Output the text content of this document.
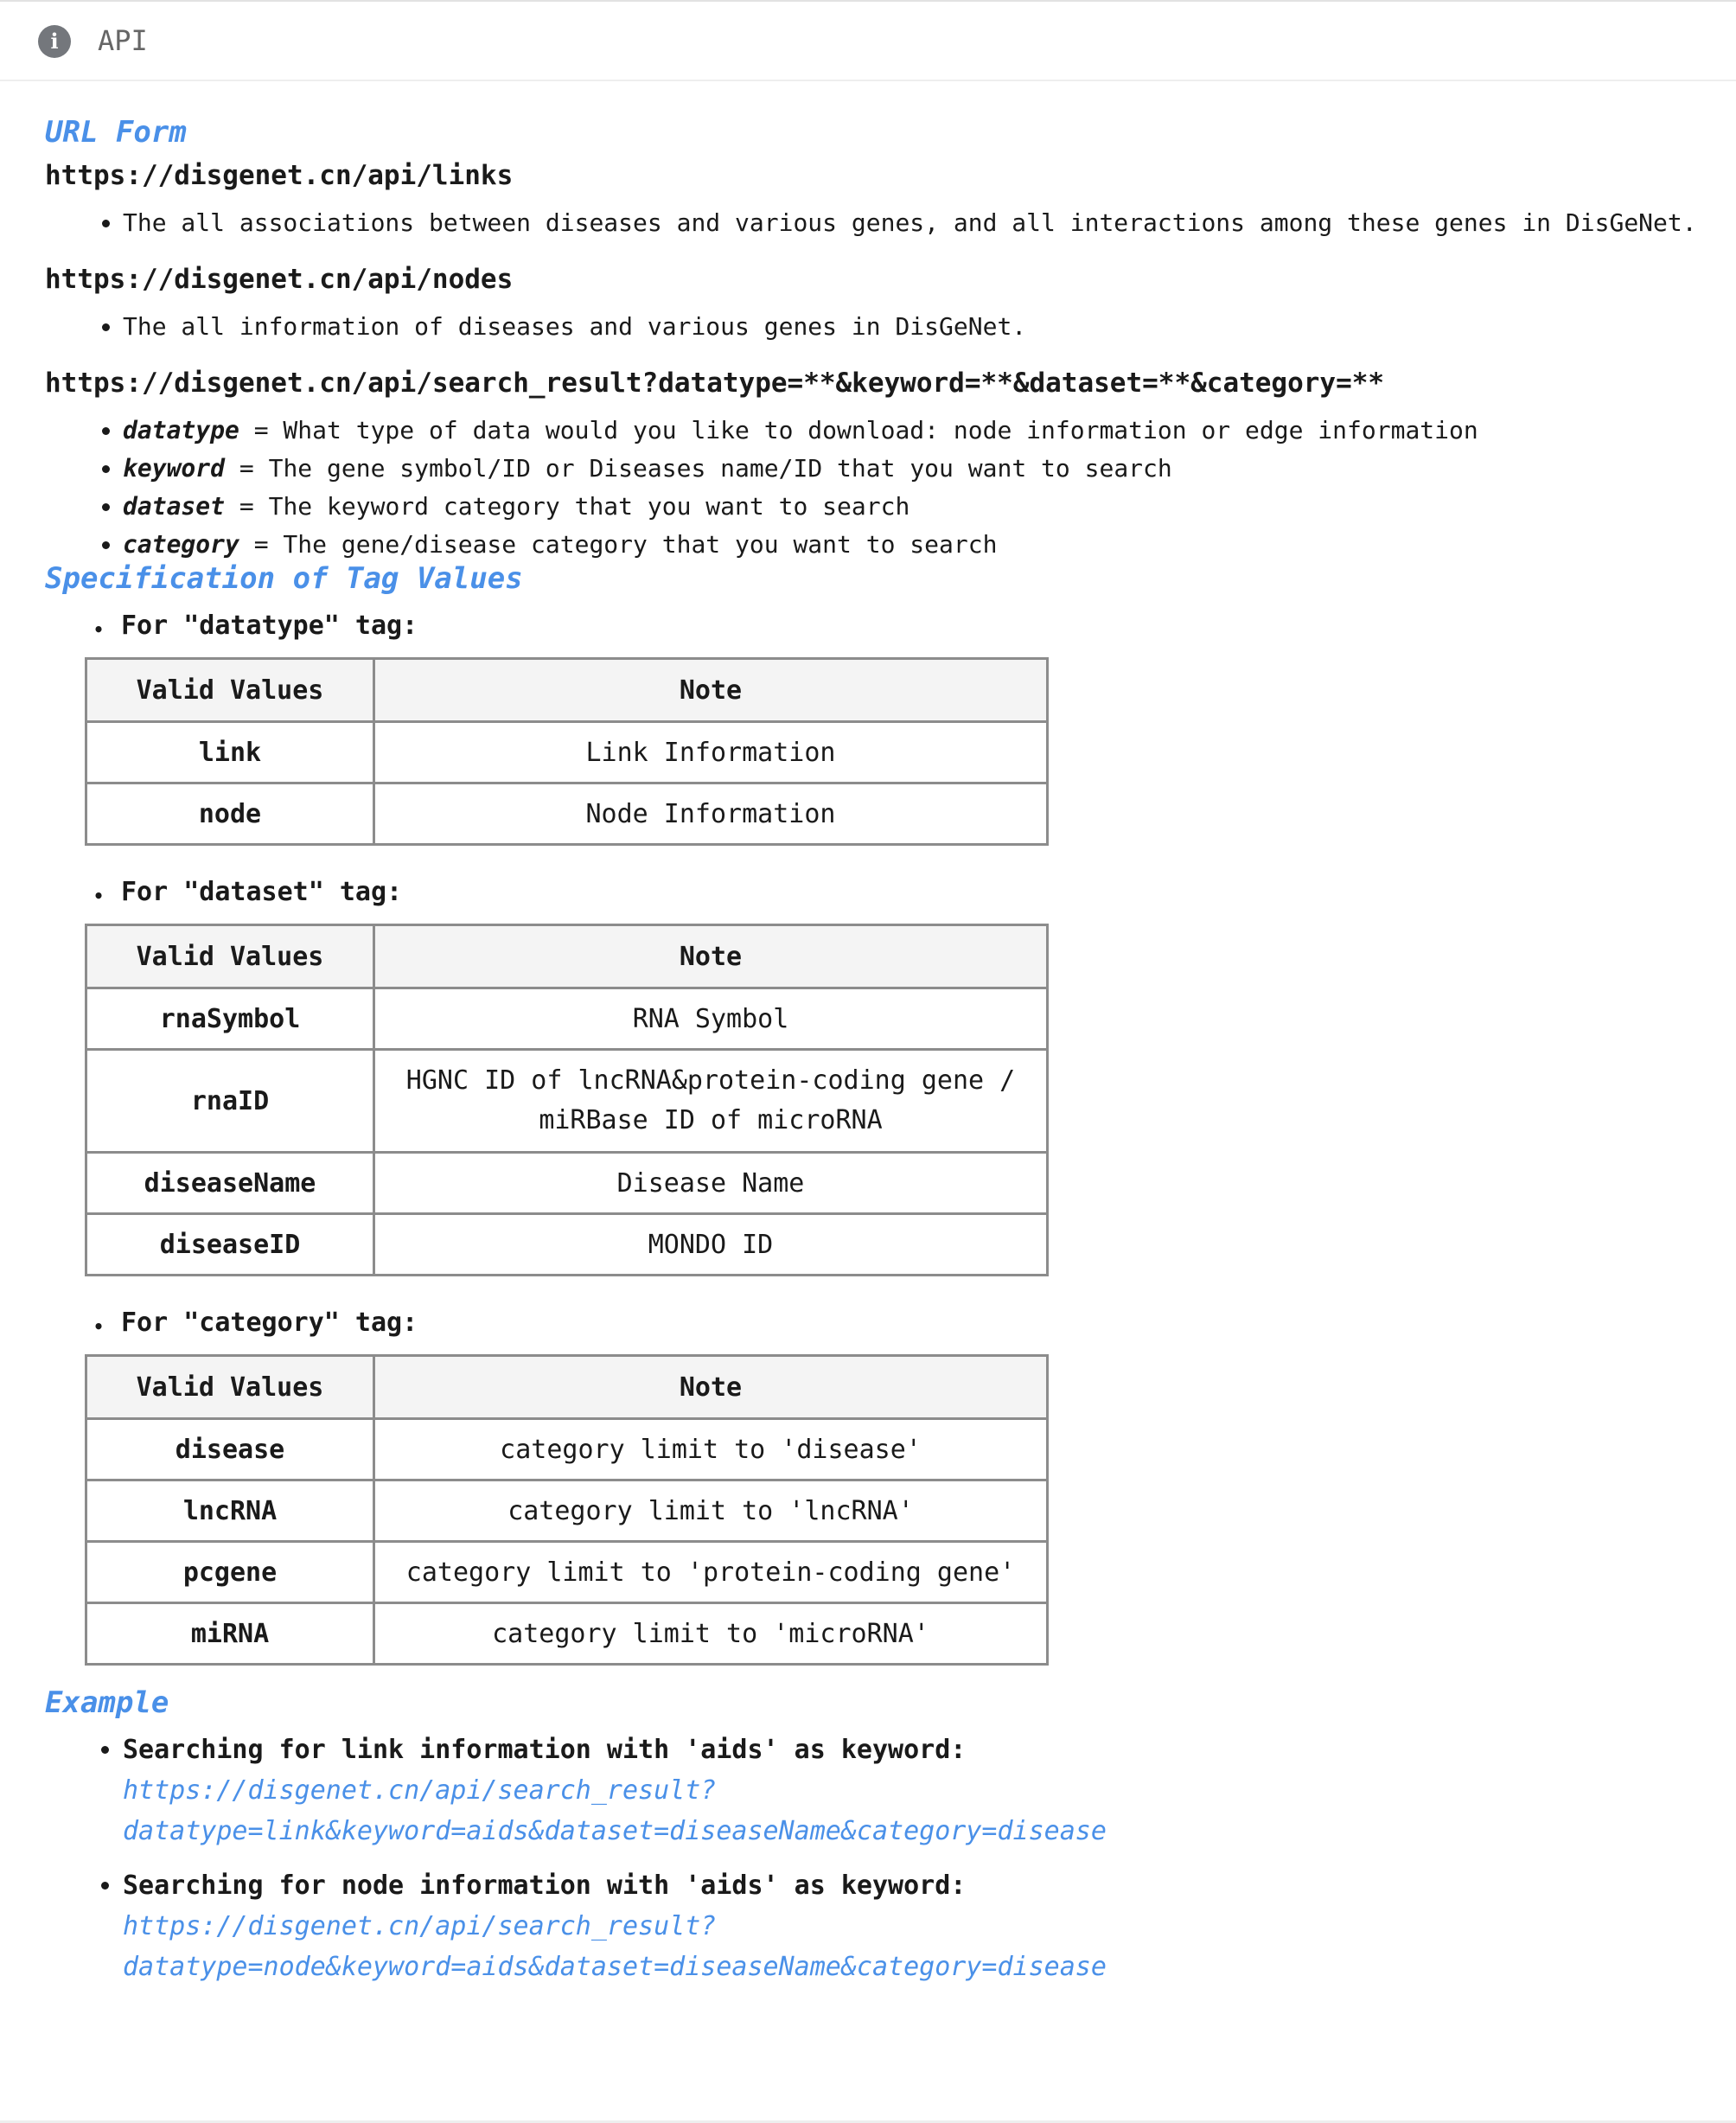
i	API
URL Form

https://disgenet.cn/api/links

• The all associations between diseases and various genes, and all interactions among these genes in DisGeNet.

https://disgenet.cn/api/nodes

• The all information of diseases and various genes in DisGeNet.

https://disgenet.cn/api/search_result?datatype=**&keyword=**&dataset=**&category=**

• datatype = What type of data would you like to download: node information or edge information
• keyword = The gene symbol/ID or Diseases name/ID that you want to search
• dataset = The keyword category that you want to search
• category = The gene/disease category that you want to search
Specification of Tag Values

• For "datatype" tag:

Valid Values	Note
link	Link Information
node	Node Information

• For "dataset" tag:

Valid Values	Note
rnaSymbol	RNA Symbol
rnaID	HGNC ID of lncRNA&protein-coding gene /
miRBase ID of microRNA
diseaseName	Disease Name
diseaseID	MONDO ID

• For "category" tag:

Valid Values	Note
disease	category limit to 'disease'
lncRNA	category limit to 'lncRNA'
pcgene	category limit to 'protein-coding gene'
miRNA	category limit to 'microRNA'
Example
• Searching for link information with 'aids' as keyword:
https://disgenet.cn/api/search_result?
datatype=link&keyword=aids&dataset=diseaseName&category=disease
• Searching for node information with 'aids' as keyword:
https://disgenet.cn/api/search_result?
datatype=node&keyword=aids&dataset=diseaseName&category=disease
